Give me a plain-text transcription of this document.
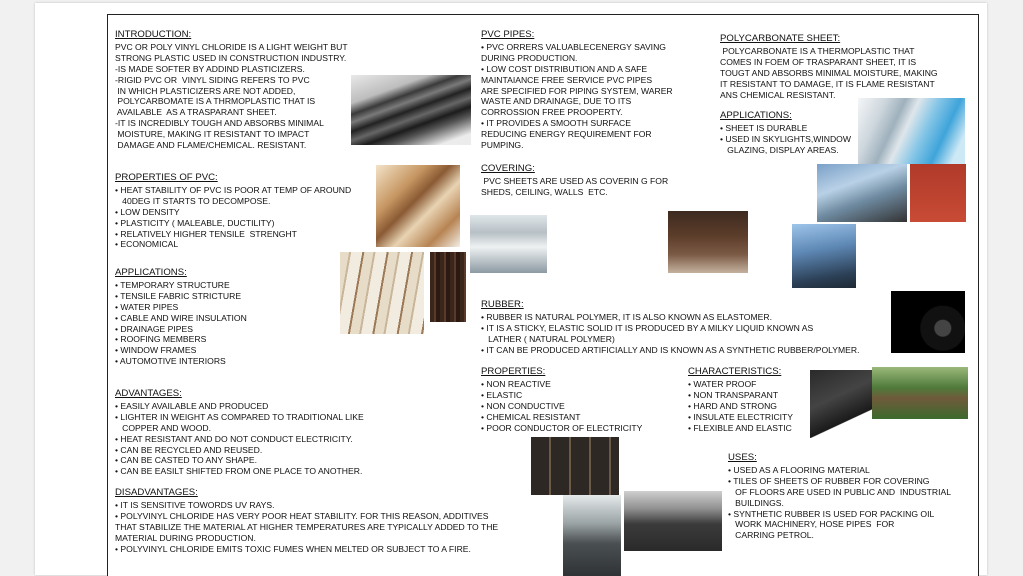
INTRODUCTION:
PVC OR POLY VINYL CHLORIDE IS A LIGHT WEIGHT BUT
STRONG PLASTIC USED IN CONSTRUCTION INDUSTRY.
-IS MADE SOFTER BY ADDIND PLASTICIZERS.
-RIGID PVC OR  VINYL SIDING REFERS TO PVC
IN WHICH PLASTICIZERS ARE NOT ADDED,
POLYCARBOMATE IS A THRMOPLASTIC THAT IS
AVAILABLE  AS A TRASPARANT SHEET.
-IT IS INCREDIBLY TOUGH AND ABSORBS MINIMAL
MOISTURE, MAKING IT RESISTANT TO IMPACT
DAMAGE AND FLAME/CHEMICAL. RESISTANT.
PROPERTIES OF PVC:
• HEAT STABILITY OF PVC IS POOR AT TEMP OF AROUND
40DEG IT STARTS TO DECOMPOSE.
• LOW DENSITY
• PLASTICITY ( MALEABLE, DUCTILITY)
• RELATIVELY HIGHER TENSILE  STRENGHT
• ECONOMICAL
APPLICATIONS:
• TEMPORARY STRUCTURE
• TENSILE FABRIC STRICTURE
• WATER PIPES
• CABLE AND WIRE INSULATION
• DRAINAGE PIPES
• ROOFING MEMBERS
• WINDOW FRAMES
• AUTOMOTIVE INTERIORS
ADVANTAGES:
• EASILY AVAILABLE AND PRODUCED
• LIGHTER IN WEIGHT AS COMPARED TO TRADITIONAL LIKE
COPPER AND WOOD.
• HEAT RESISTANT AND DO NOT CONDUCT ELECTRICITY.
• CAN BE RECYCLED AND REUSED.
• CAN BE CASTED TO ANY SHAPE.
• CAN BE EASILT SHIFTED FROM ONE PLACE TO ANOTHER.
DISADVANTAGES:
• IT IS SENSITIVE TOWORDS UV RAYS.
• POLYVINYL CHLORIDE HAS VERY POOR HEAT STABILITY. FOR THIS REASON, ADDITIVES
THAT STABILIZE THE MATERIAL AT HIGHER TEMPERATURES ARE TYPICALLY ADDED TO THE
MATERIAL DURING PRODUCTION.
• POLYVINYL CHLORIDE EMITS TOXIC FUMES WHEN MELTED OR SUBJECT TO A FIRE.
PVC PIPES:
• PVC ORRERS VALUABLECENERGY SAVING
DURING PRODUCTION.
• LOW COST DISTRIBUTION AND A SAFE
MAINTAIANCE FREE SERVICE PVC PIPES
ARE SPECIFIED FOR PIPING SYSTEM, WARER
WASTE AND DRAINAGE, DUE TO ITS
CORROSSION FREE PROOPERTY.
• IT PROVIDES A SMOOTH SURFACE
REDUCING ENERGY REQUIREMENT FOR
PUMPING.
COVERING:
PVC SHEETS ARE USED AS COVERIN G FOR
SHEDS, CEILING, WALLS  ETC.
POLYCARBONATE SHEET:
POLYCARBONATE IS A THERMOPLASTIC THAT
COMES IN FOEM OF TRASPARANT SHEET, IT IS
TOUGT AND ABSORBS MINIMAL MOISTURE, MAKING
IT RESISTANT TO DAMAGE, IT IS FLAME RESISTANT
ANS CHEMICAL RESISTANT.
APPLICATIONS:
• SHEET IS DURABLE
• USED IN SKYLIGHTS,WINDOW
GLAZING, DISPLAY AREAS.
RUBBER:
• RUBBER IS NATURAL POLYMER, IT IS ALSO KNOWN AS ELASTOMER.
• IT IS A STICKY, ELASTIC SOLID IT IS PRODUCED BY A MILKY LIQUID KNOWN AS
LATHER ( NATURAL POLYMER)
• IT CAN BE PRODUCED ARTIFICIALLY AND IS KNOWN AS A SYNTHETIC RUBBER/POLYMER.
PROPERTIES:
• NON REACTIVE
• ELASTIC
• NON CONDUCTIVE
• CHEMICAL RESISTANT
• POOR CONDUCTOR OF ELECTRICITY
CHARACTERISTICS:
• WATER PROOF
• NON TRANSPARANT
• HARD AND STRONG
• INSULATE ELECTRICITY
• FLEXIBLE AND ELASTIC
USES:
• USED AS A FLOORING MATERIAL
• TILES OF SHEETS OF RUBBER FOR COVERING
OF FLOORS ARE USED IN PUBLIC AND  INDUSTRIAL
BUILDINGS.
• SYNTHETIC RUBBER IS USED FOR PACKING OIL
WORK MACHINERY, HOSE PIPES  FOR
CARRING PETROL.
